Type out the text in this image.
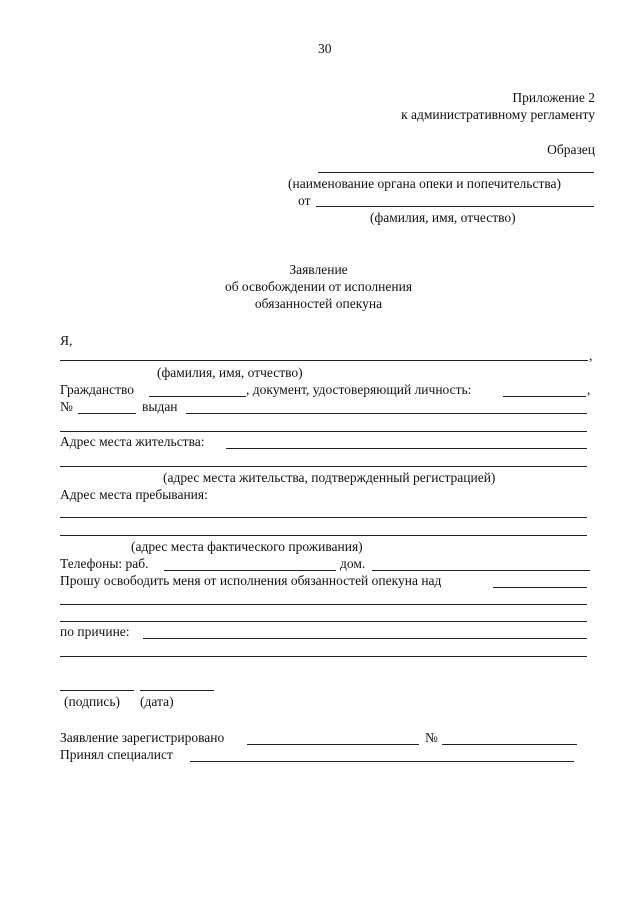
30
Приложение 2
к административному регламенту
Образец
(наименование органа опеки и попечительства)
от
(фамилия, имя, отчество)
Заявление
об освобождении от исполнения
обязанностей опекуна
Я,
,
(фамилия, имя, отчество)
Гражданство	, документ, удостоверяющий личность:	,
№	выдан
Адрес места жительства:
(адрес места жительства, подтвержденный регистрацией)
Адрес места пребывания:
(адрес места фактического проживания)
Телефоны: раб.	дом.
Прошу освободить меня от исполнения обязанностей опекуна над
по причине:
(подпись) (дата)
Заявление зарегистрировано	№
Принял специалист
